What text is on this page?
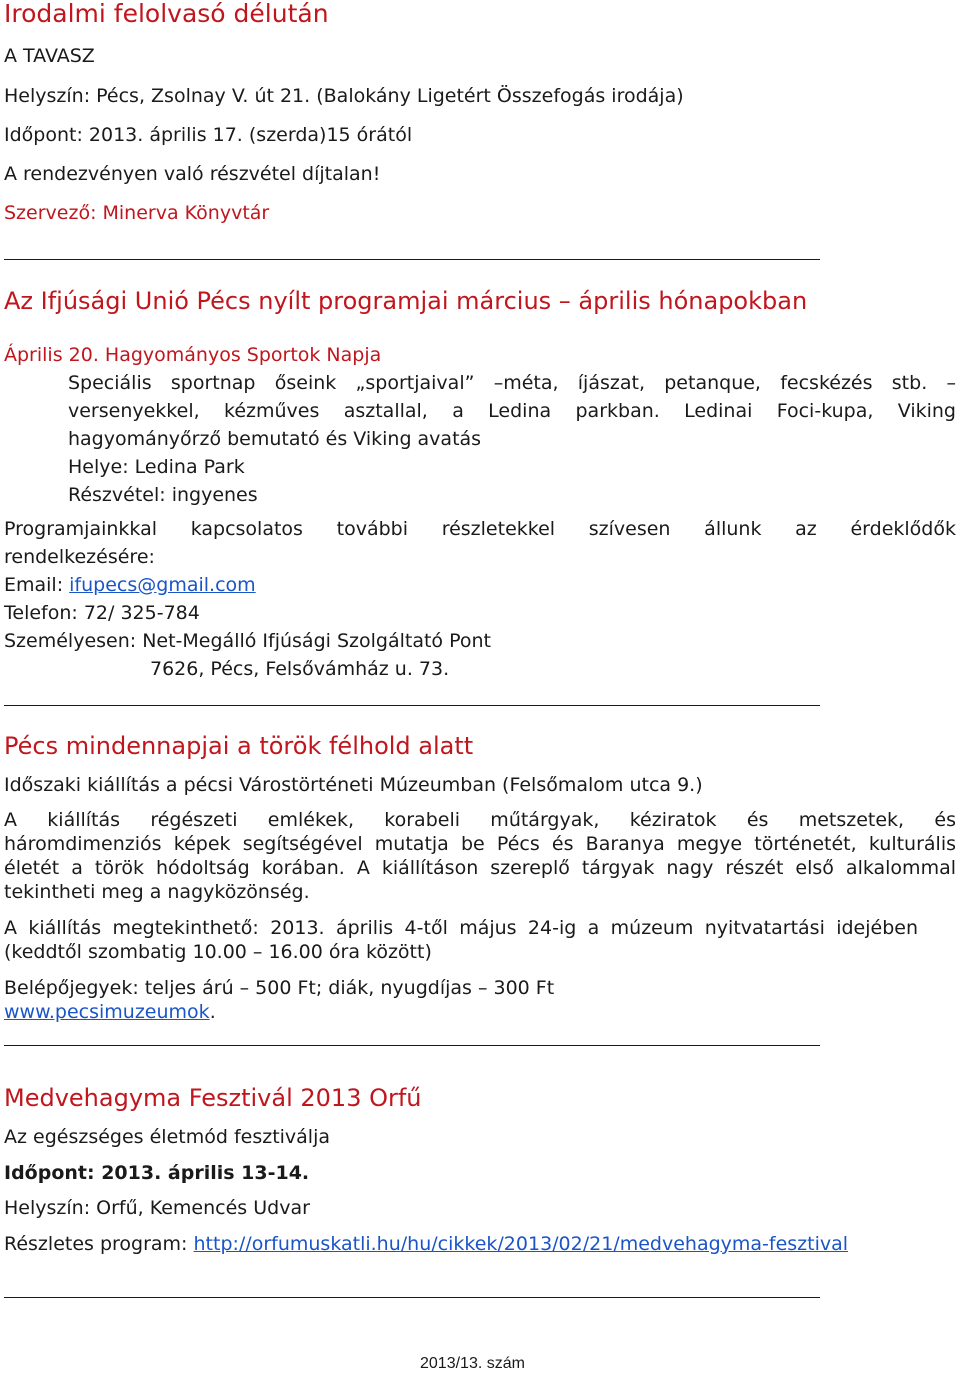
Irodalmi felolvasó délután
A TAVASZ
Helyszín: Pécs, Zsolnay V. út 21. (Balokány Ligetért Összefogás irodája)
Időpont: 2013. április 17. (szerda)15 órától
A rendezvényen való részvétel díjtalan!
Szervező: Minerva Könyvtár
Az Ifjúsági Unió Pécs nyílt programjai március – április hónapokban
Április 20. Hagyományos Sportok Napja
Speciális sportnap őseink „sportjaival” –méta, íjászat, petanque, fecskézés stb. –
versenyekkel, kézműves asztallal, a Ledina parkban. Ledinai Foci-kupa, Viking
hagyományőrző bemutató és Viking avatás
Helye: Ledina Park
Részvétel: ingyenes
Programjainkkal kapcsolatos további részletekkel szívesen állunk az érdeklődők
rendelkezésére:
Email: ifupecs@gmail.com
Telefon: 72/ 325-784
Személyesen: Net-Megálló Ifjúsági Szolgáltató Pont
7626, Pécs, Felsővámház u. 73.
Pécs mindennapjai a török félhold alatt
Időszaki kiállítás a pécsi Várostörténeti Múzeumban (Felsőmalom utca 9.)
A kiállítás régészeti emlékek, korabeli műtárgyak, kéziratok és metszetek, és
háromdimenziós képek segítségével mutatja be Pécs és Baranya megye történetét, kulturális
életét a török hódoltság korában. A kiállításon szereplő tárgyak nagy részét első alkalommal
tekintheti meg a nagyközönség.
A kiállítás megtekinthető: 2013. április 4-től május 24-ig a múzeum nyitvatartási idejében
(keddtől szombatig 10.00 – 16.00 óra között)
Belépőjegyek: teljes árú – 500 Ft; diák, nyugdíjas – 300 Ft
www.pecsimuzeumok.
Medvehagyma Fesztivál 2013 Orfű
Az egészséges életmód fesztiválja
Időpont: 2013. április 13-14.
Helyszín: Orfű, Kemencés Udvar
Részletes program: http://orfumuskatli.hu/hu/cikkek/2013/02/21/medvehagyma-fesztival
2013/13. szám
